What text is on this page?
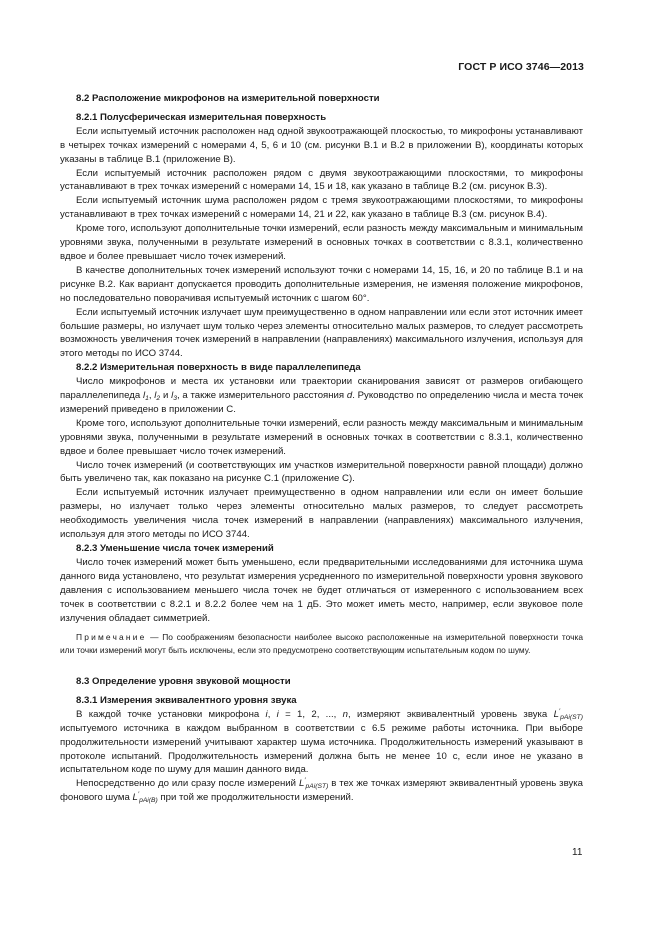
ГОСТ Р ИСО 3746—2013
8.2 Расположение микрофонов на измерительной поверхности
8.2.1 Полусферическая измерительная поверхность

Если испытуемый источник расположен над одной звукоотражающей плоскостью, то микрофоны устанавливают в четырех точках измерений с номерами 4, 5, 6 и 10 (см. рисунки В.1 и В.2 в приложении В), координаты которых указаны в таблице В.1 (приложение В).

Если испытуемый источник расположен рядом с двумя звукоотражающими плоскостями, то микрофоны устанавливают в трех точках измерений с номерами 14, 15 и 18, как указано в таблице В.2 (см. рисунок В.3).

Если испытуемый источник шума расположен рядом с тремя звукоотражающими плоскостями, то микрофоны устанавливают в трех точках измерений с номерами 14, 21 и 22, как указано в таблице В.3 (см. рисунок В.4).

Кроме того, используют дополнительные точки измерений, если разность между максимальным и минимальным уровнями звука, полученными в результате измерений в основных точках в соответствии с 8.3.1, количественно вдвое и более превышает число точек измерений.

В качестве дополнительных точек измерений используют точки с номерами 14, 15, 16, и 20 по таблице В.1 и на рисунке В.2. Как вариант допускается проводить дополнительные измерения, не изменяя положение микрофонов, но последовательно поворачивая испытуемый источник с шагом 60°.

Если испытуемый источник излучает шум преимущественно в одном направлении или если этот источник имеет большие размеры, но излучает шум только через элементы относительно малых размеров, то следует рассмотреть возможность увеличения точек измерений в направлении (направлениях) максимального излучения, используя для этого методы по ИСО 3744.

8.2.2 Измерительная поверхность в виде параллелепипеда

Число микрофонов и места их установки или траектории сканирования зависят от размеров огибающего параллелепипеда $l_1$, $l_2$ и $l_3$, а также измерительного расстояния d. Руководство по определению числа и места точек измерений приведено в приложении С.

Кроме того, используют дополнительные точки измерений, если разность между максимальным и минимальным уровнями звука, полученными в результате измерений в основных точках в соответствии с 8.3.1, количественно вдвое и более превышает число точек измерений.

Число точек измерений (и соответствующих им участков измерительной поверхности равной площади) должно быть увеличено так, как показано на рисунке С.1 (приложение С).

Если испытуемый источник излучает преимущественно в одном направлении или если он имеет большие размеры, но излучает только через элементы относительно малых размеров, то следует рассмотреть необходимость увеличения числа точек измерений в направлении (направлениях) максимального излучения, используя для этого методы по ИСО 3744.

8.2.3 Уменьшение числа точек измерений

Число точек измерений может быть уменьшено, если предварительными исследованиями для источника шума данного вида установлено, что результат измерения усредненного по измерительной поверхности уровня звукового давления с использованием меньшего числа точек не будет отличаться от измеренного с использованием всех точек в соответствии с 8.2.1 и 8.2.2 более чем на 1 дБ. Это может иметь место, например, если звуковое поле излучения обладает симметрией.

Примечание — По соображениям безопасности наиболее высоко расположенные на измерительной поверхности точка или точки измерений могут быть исключены, если это предусмотрено соответствующим испытательным кодом по шуму.

8.3 Определение уровня звуковой мощности
8.3.1 Измерения эквивалентного уровня звука

В каждой точке установки микрофона i, i = 1, 2, ..., n, измеряют эквивалентный уровень звука $L'_{pAi(ST)}$ испытуемого источника в каждом выбранном в соответствии с 6.5 режиме работы источника. При выборе продолжительности измерений учитывают характер шума источника. Продолжительность измерений указывают в протоколе испытаний. Продолжительность измерений должна быть не менее 10 с, если иное не указано в испытательном коде по шуму для машин данного вида.

Непосредственно до или сразу после измерений $L'_{pAi(ST)}$ в тех же точках измеряют эквивалентный уровень звука фонового шума $L'_{pAi(B)}$ при той же продолжительности измерений.

11
